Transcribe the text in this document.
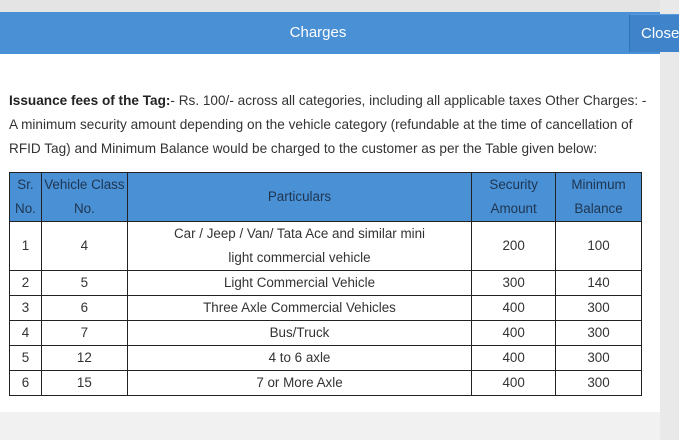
Charges	Close

Issuance fees of the Tag:- Rs. 100/- across all categories, including all applicable taxes Other Charges: - A minimum security amount depending on the vehicle category (refundable at the time of cancellation of RFID Tag) and Minimum Balance would be charged to the customer as per the Table given below:

Sr. No.	Vehicle Class No.	Particulars	Security Amount	Minimum Balance
1	4	Car / Jeep / Van/ Tata Ace and similar mini light commercial vehicle	200	100
2	5	Light Commercial Vehicle	300	140
3	6	Three Axle Commercial Vehicles	400	300
4	7	Bus/Truck	400	300
5	12	4 to 6 axle	400	300
6	15	7 or More Axle	400	300
